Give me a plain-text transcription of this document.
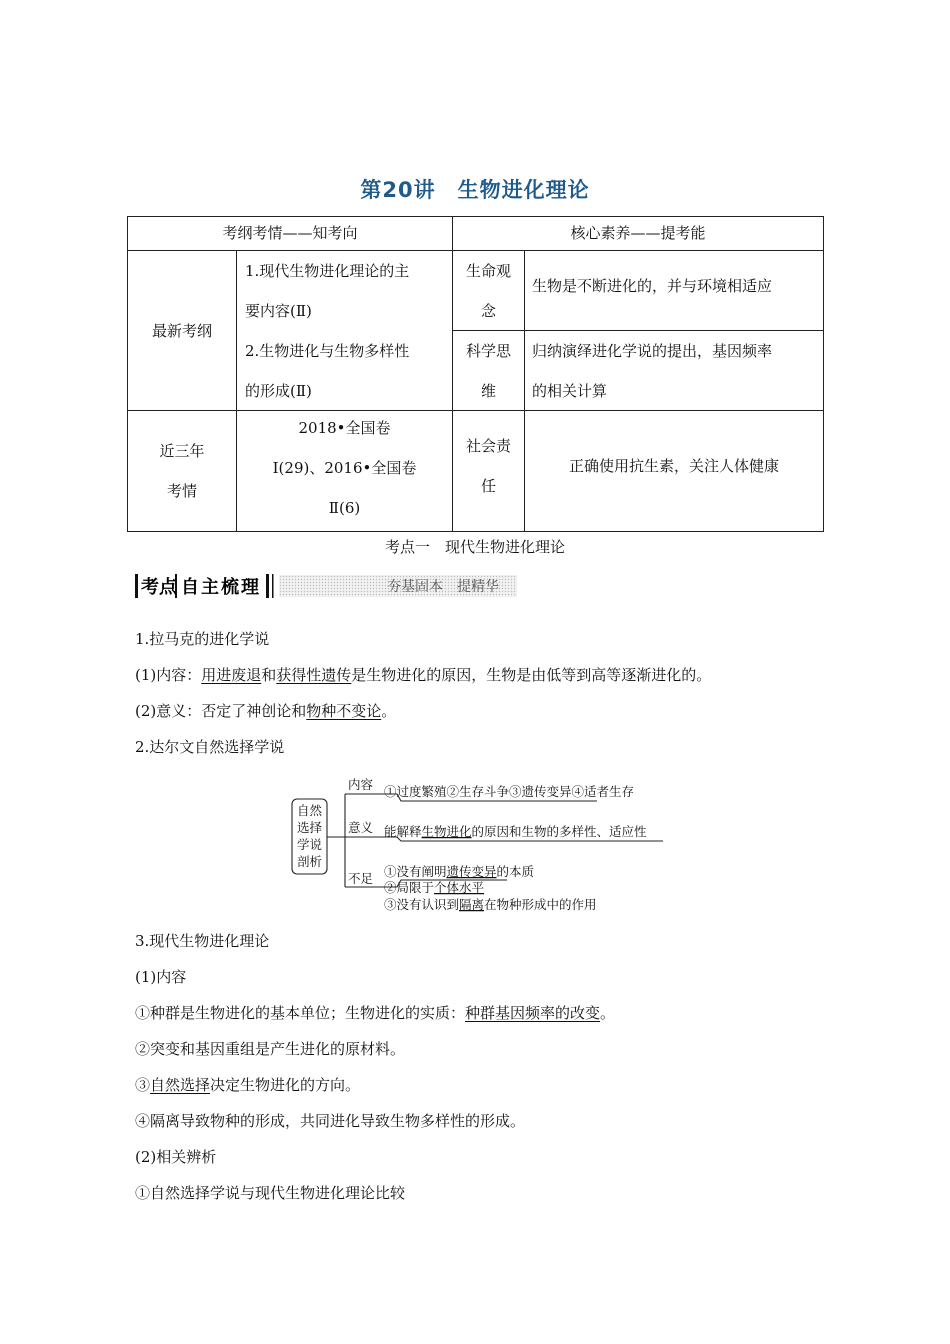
第20讲 生物进化理论
考纲考情——知考向	核心素养——提考能
最新考纲
1.现代生物进化理论的主
要内容(Ⅱ)
2.生物进化与生物多样性
的形成(Ⅱ)
近三年
考情
2018•全国卷
Ⅰ(29)、2016•全国卷
Ⅱ(6)
生命观
念
生物是不断进化的，并与环境相适应
科学思
维
归纳演绎进化学说的提出，基因频率
的相关计算
社会责
任
正确使用抗生素，关注人体健康
考点一　现代生物进化理论
考点 自主梳理	夯基固本　提精华
1.拉马克的进化学说
(1)内容：用进废退和获得性遗传是生物进化的原因，生物是由低等到高等逐渐进化的。
(2)意义：否定了神创论和物种不变论。
2.达尔文自然选择学说
自然
选择
学说
剖析
内容
意义
不足
①过度繁殖②生存斗争③遗传变异④适者生存
能解释生物进化的原因和生物的多样性、适应性
①没有阐明遗传变异的本质
②局限于个体水平
③没有认识到隔离在物种形成中的作用
3.现代生物进化理论
(1)内容
①种群是生物进化的基本单位；生物进化的实质：种群基因频率的改变。
②突变和基因重组是产生进化的原材料。
③自然选择决定生物进化的方向。
④隔离导致物种的形成，共同进化导致生物多样性的形成。
(2)相关辨析
①自然选择学说与现代生物进化理论比较
